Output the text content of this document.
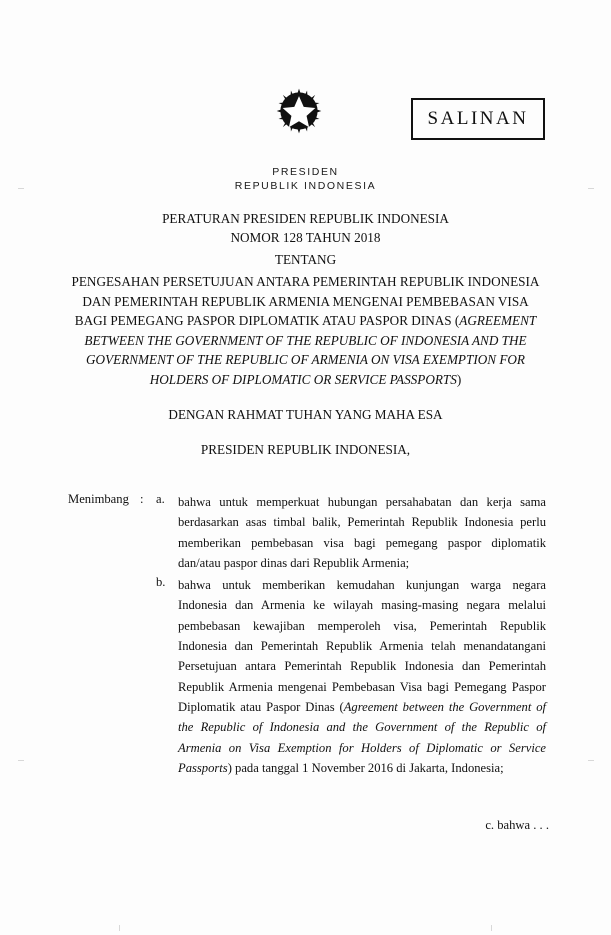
SALINAN
PRESIDEN
REPUBLIK INDONESIA
PERATURAN PRESIDEN REPUBLIK INDONESIA
NOMOR 128 TAHUN 2018
TENTANG
PENGESAHAN PERSETUJUAN ANTARA PEMERINTAH REPUBLIK INDONESIA
DAN PEMERINTAH REPUBLIK ARMENIA MENGENAI PEMBEBASAN VISA
BAGI PEMEGANG PASPOR DIPLOMATIK ATAU PASPOR DINAS (AGREEMENT
BETWEEN THE GOVERNMENT OF THE REPUBLIC OF INDONESIA AND THE
GOVERNMENT OF THE REPUBLIC OF ARMENIA ON VISA EXEMPTION FOR
HOLDERS OF DIPLOMATIC OR SERVICE PASSPORTS)
DENGAN RAHMAT TUHAN YANG MAHA ESA
PRESIDEN REPUBLIK INDONESIA,
Menimbang : a.	bahwa untuk memperkuat hubungan persahabatan dan kerja sama berdasarkan asas timbal balik, Pemerintah Republik Indonesia perlu memberikan pembebasan visa bagi pemegang paspor diplomatik dan/atau paspor dinas dari Republik Armenia;
b. bahwa untuk memberikan kemudahan kunjungan warga negara Indonesia dan Armenia ke wilayah masing-masing negara melalui pembebasan kewajiban memperoleh visa, Pemerintah Republik Indonesia dan Pemerintah Republik Armenia telah menandatangani Persetujuan antara Pemerintah Republik Indonesia dan Pemerintah Republik Armenia mengenai Pembebasan Visa bagi Pemegang Paspor Diplomatik atau Paspor Dinas (Agreement between the Government of the Republic of Indonesia and the Government of the Republic of Armenia on Visa Exemption for Holders of Diplomatic or Service Passports) pada tanggal 1 November 2016 di Jakarta, Indonesia;
c. bahwa . . .
